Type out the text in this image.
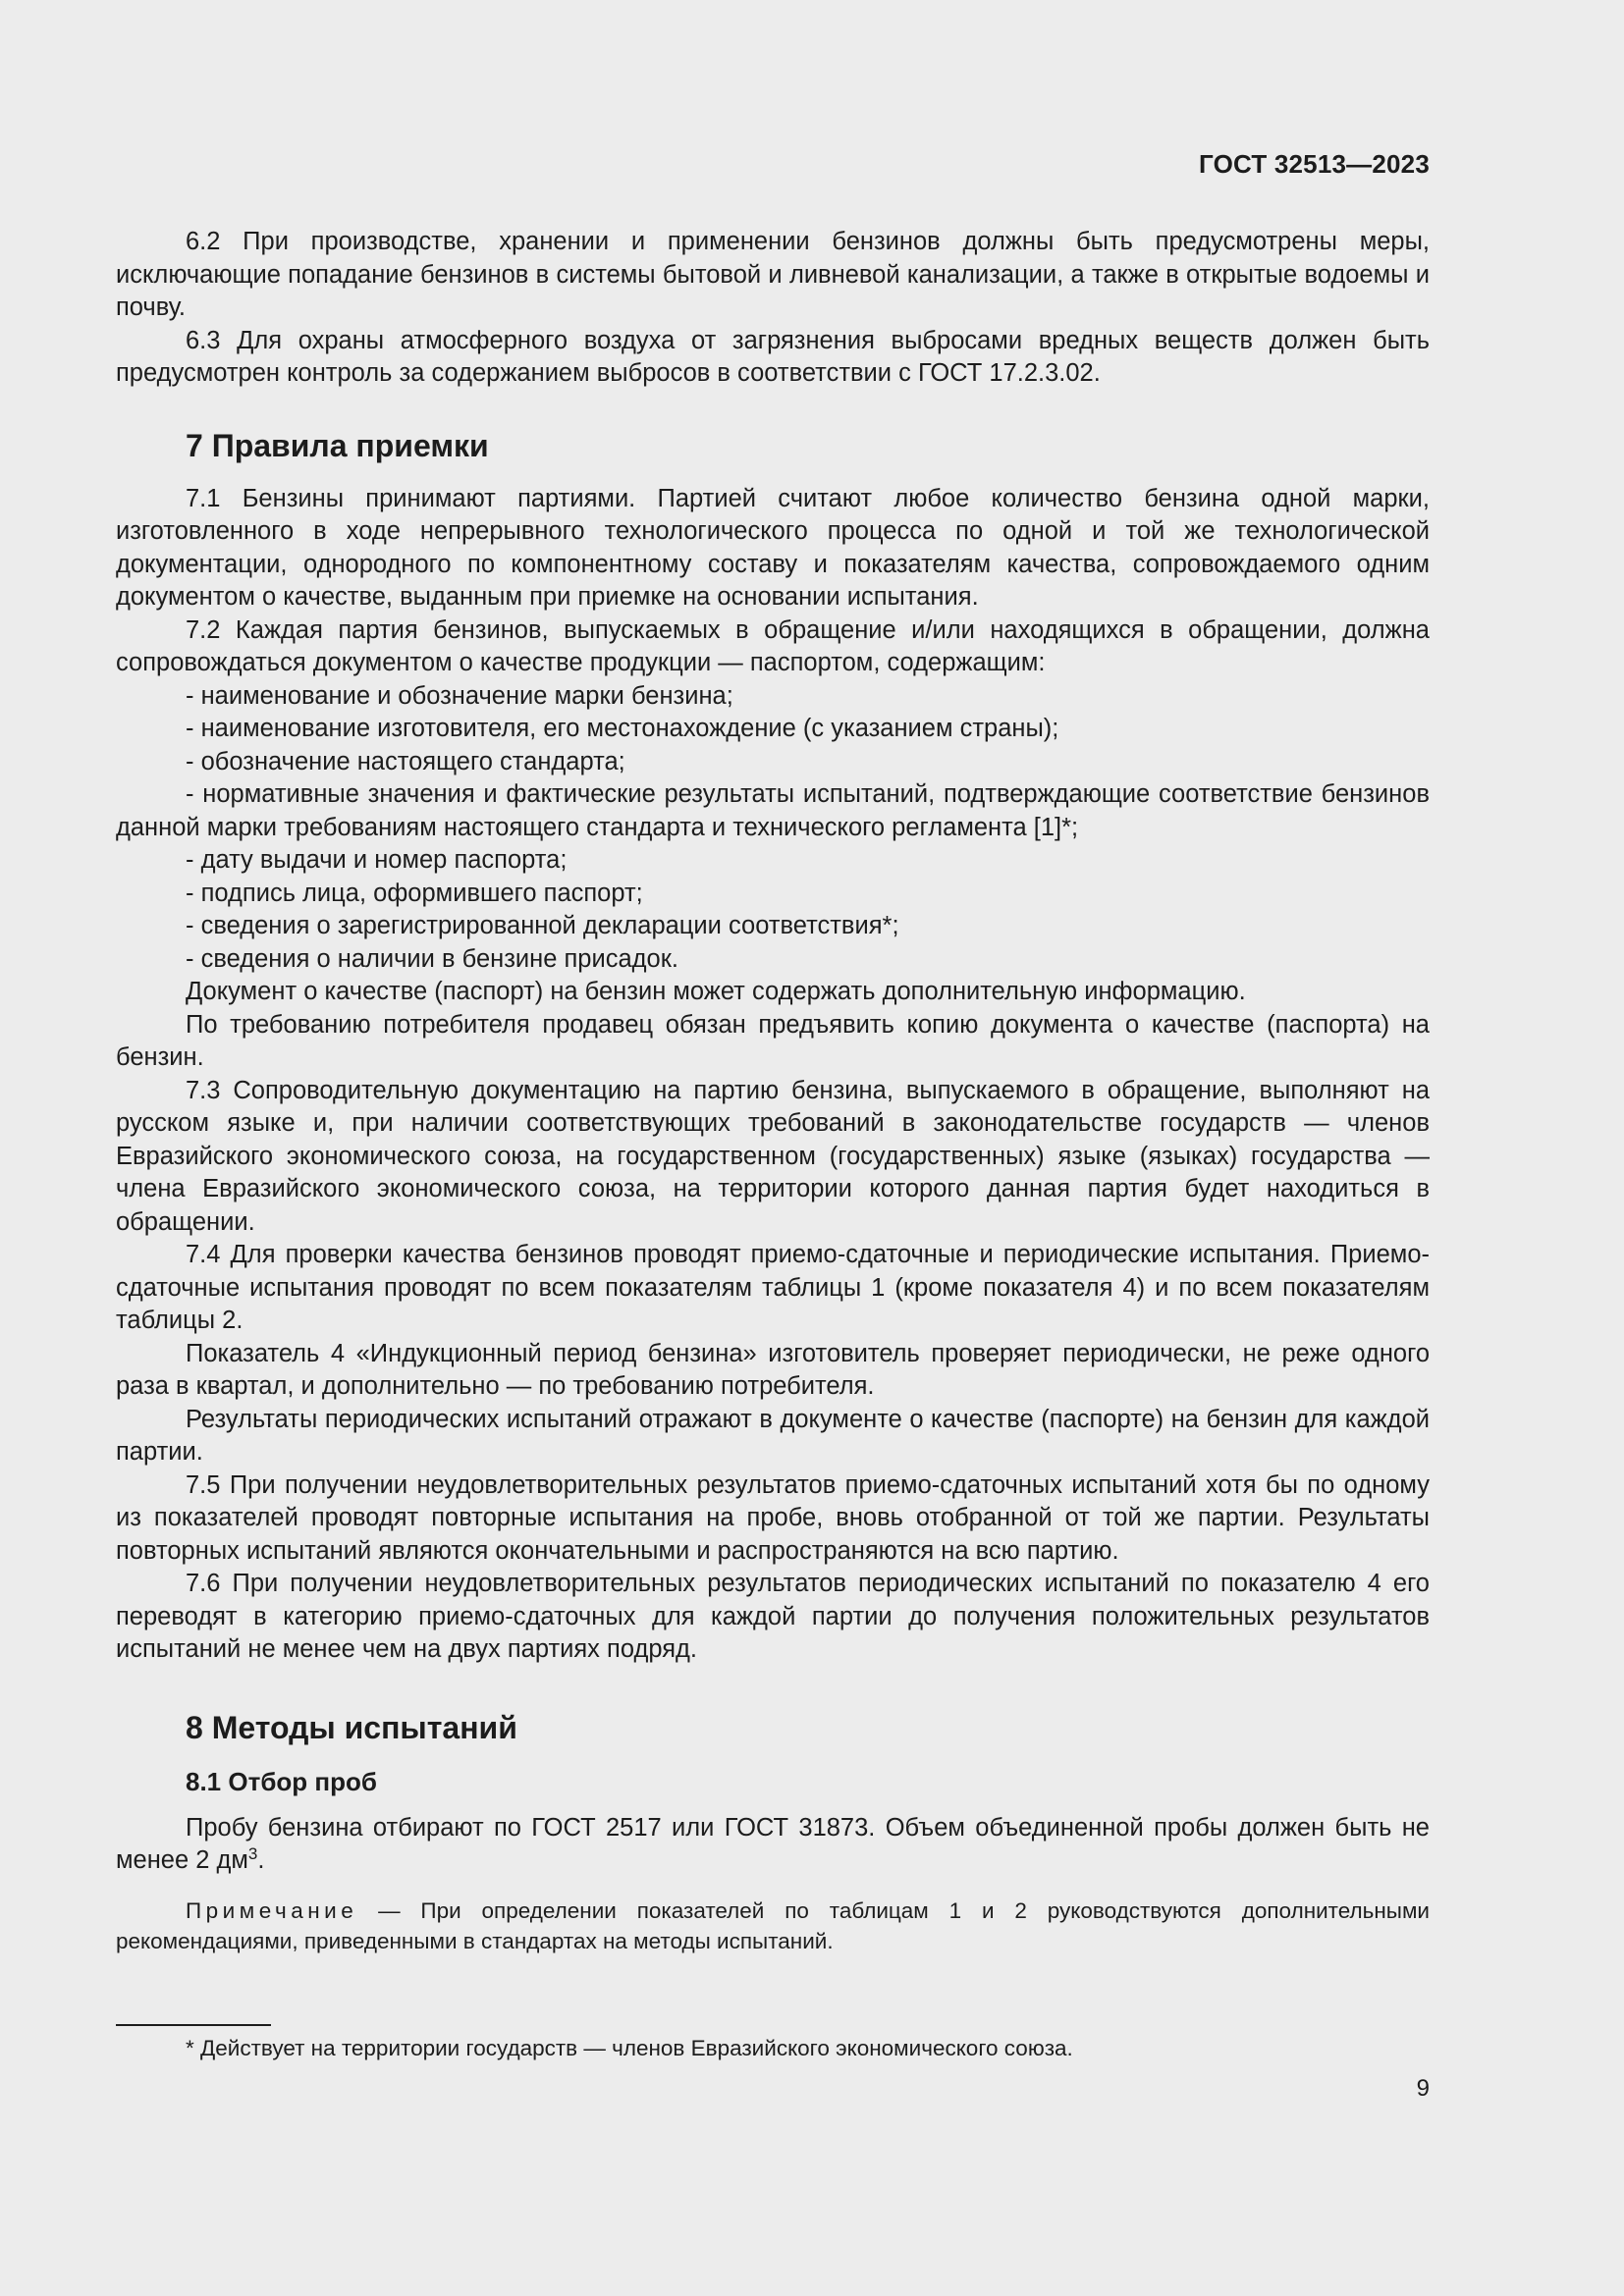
ГОСТ 32513—2023

6.2 При производстве, хранении и применении бензинов должны быть предусмотрены меры, исключающие попадание бензинов в системы бытовой и ливневой канализации, а также в открытые водоемы и почву.

6.3 Для охраны атмосферного воздуха от загрязнения выбросами вредных веществ должен быть предусмотрен контроль за содержанием выбросов в соответствии с ГОСТ 17.2.3.02.

7 Правила приемки

7.1 Бензины принимают партиями. Партией считают любое количество бензина одной марки, изготовленного в ходе непрерывного технологического процесса по одной и той же технологической документации, однородного по компонентному составу и показателям качества, сопровождаемого одним документом о качестве, выданным при приемке на основании испытания.

7.2 Каждая партия бензинов, выпускаемых в обращение и/или находящихся в обращении, должна сопровождаться документом о качестве продукции — паспортом, содержащим:

- наименование и обозначение марки бензина;

- наименование изготовителя, его местонахождение (с указанием страны);

- обозначение настоящего стандарта;

- нормативные значения и фактические результаты испытаний, подтверждающие соответствие бензинов данной марки требованиям настоящего стандарта и технического регламента [1]*;

- дату выдачи и номер паспорта;

- подпись лица, оформившего паспорт;

- сведения о зарегистрированной декларации соответствия*;

- сведения о наличии в бензине присадок.

Документ о качестве (паспорт) на бензин может содержать дополнительную информацию.

По требованию потребителя продавец обязан предъявить копию документа о качестве (паспорта) на бензин.

7.3 Сопроводительную документацию на партию бензина, выпускаемого в обращение, выполняют на русском языке и, при наличии соответствующих требований в законодательстве государств — членов Евразийского экономического союза, на государственном (государственных) языке (языках) государства — члена Евразийского экономического союза, на территории которого данная партия будет находиться в обращении.

7.4 Для проверки качества бензинов проводят приемо-сдаточные и периодические испытания. Приемо-сдаточные испытания проводят по всем показателям таблицы 1 (кроме показателя 4) и по всем показателям таблицы 2.

Показатель 4 «Индукционный период бензина» изготовитель проверяет периодически, не реже одного раза в квартал, и дополнительно — по требованию потребителя.

Результаты периодических испытаний отражают в документе о качестве (паспорте) на бензин для каждой партии.

7.5 При получении неудовлетворительных результатов приемо-сдаточных испытаний хотя бы по одному из показателей проводят повторные испытания на пробе, вновь отобранной от той же партии. Результаты повторных испытаний являются окончательными и распространяются на всю партию.

7.6 При получении неудовлетворительных результатов периодических испытаний по показателю 4 его переводят в категорию приемо-сдаточных для каждой партии до получения положительных результатов испытаний не менее чем на двух партиях подряд.

8 Методы испытаний
8.1 Отбор проб

Пробу бензина отбирают по ГОСТ 2517 или ГОСТ 31873. Объем объединенной пробы должен быть не менее 2 $дм^3$.

Примечание — При определении показателей по таблицам 1 и 2 руководствуются дополнительными рекомендациями, приведенными в стандартах на методы испытаний.

* Действует на территории государств — членов Евразийского экономического союза.
9
